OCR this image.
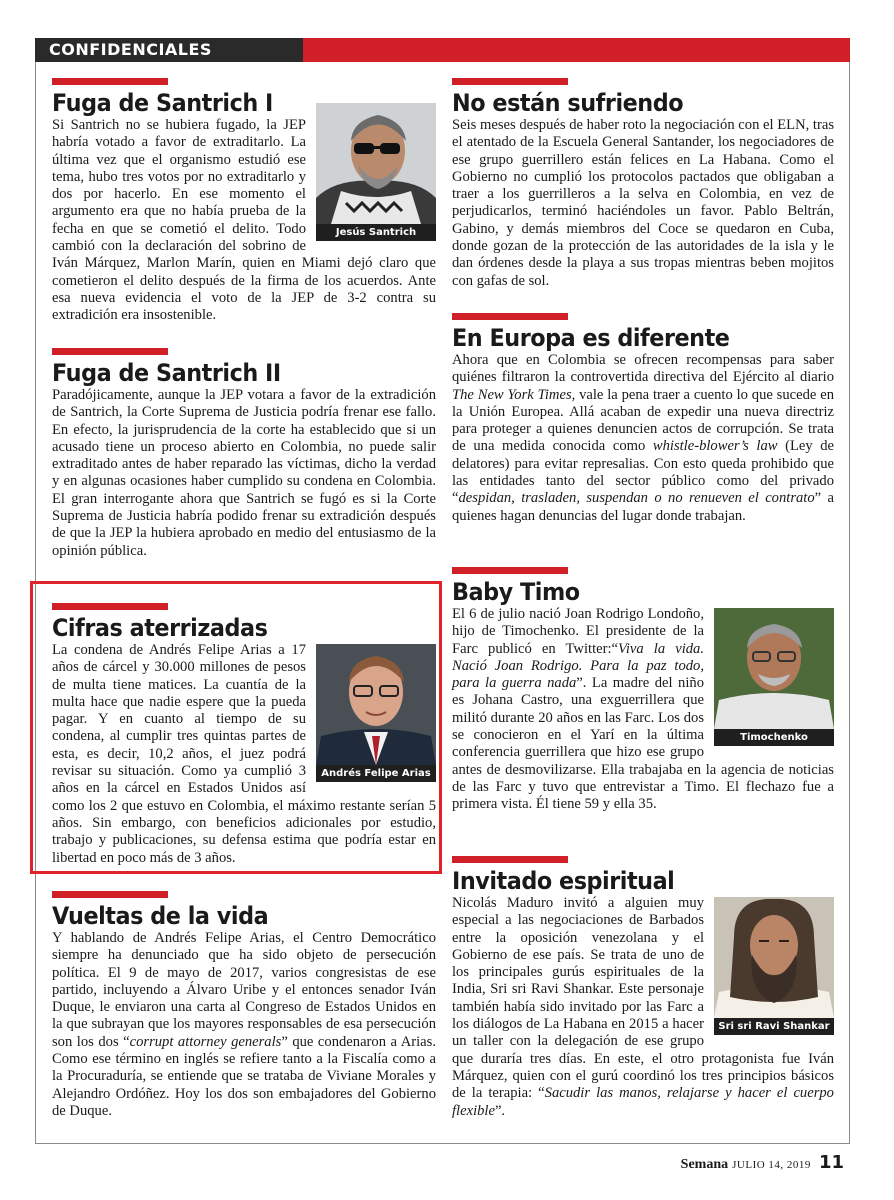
CONFIDENCIALES
Fuga de Santrich I
Jesús Santrich

Si Santrich no se hubiera fugado, la JEP habría votado a favor de extraditarlo. La última vez que el organismo estudió ese tema, hubo tres votos por no extraditarlo y dos por hacerlo. En ese momento el argumento era que no había prueba de la fecha en que se cometió el delito. Todo cambió con la declaración del sobrino de Iván Márquez, Marlon Marín, quien en Miami dejó claro que cometieron el delito después de la firma de los acuerdos. Ante esa nueva evidencia el voto de la JEP de 3-2 contra su extradición era insostenible.

Fuga de Santrich II

Paradójicamente, aunque la JEP votara a favor de la extradición de Santrich, la Corte Suprema de Justicia podría frenar ese fallo. En efecto, la jurisprudencia de la corte ha establecido que si un acusado tiene un proceso abierto en Colombia, no puede salir extraditado antes de haber reparado las víctimas, dicho la verdad y en algunas ocasiones haber cumplido su condena en Colombia. El gran interrogante ahora que Santrich se fugó es si la Corte Suprema de Justicia habría podido frenar su extradición después de que la JEP la hubiera aprobado en medio del entusiasmo de la opinión pública.

Cifras aterrizadas
Andrés Felipe Arias

La condena de Andrés Felipe Arias a 17 años de cárcel y 30.000 millones de pesos de multa tiene matices. La cuantía de la multa hace que nadie espere que la pueda pagar. Y en cuanto al tiempo de su condena, al cumplir tres quintas partes de esta, es decir, 10,2 años, el juez podrá revisar su situación. Como ya cumplió 3 años en la cárcel en Estados Unidos así como los 2 que estuvo en Colombia, el máximo restante serían 5 años. Sin embargo, con beneficios adicionales por estudio, trabajo y publicaciones, su defensa estima que podría estar en libertad en poco más de 3 años.

Vueltas de la vida

Y hablando de Andrés Felipe Arias, el Centro Democrático siempre ha denunciado que ha sido objeto de persecución política. El 9 de mayo de 2017, varios congresistas de ese partido, incluyendo a Álvaro Uribe y el entonces senador Iván Duque, le enviaron una carta al Congreso de Estados Unidos en la que subrayan que los mayores responsables de esa persecución son los dos “corrupt attorney generals” que condenaron a Arias. Como ese término en inglés se refiere tanto a la Fiscalía como a la Procuraduría, se entiende que se trataba de Viviane Morales y Alejandro Ordóñez. Hoy los dos son embajadores del Gobierno de Duque.

No están sufriendo

Seis meses después de haber roto la negociación con el ELN, tras el atentado de la Escuela General Santander, los negociadores de ese grupo guerrillero están felices en La Habana. Como el Gobierno no cumplió los protocolos pactados que obligaban a traer a los guerrilleros a la selva en Colombia, en vez de perjudicarlos, terminó haciéndoles un favor. Pablo Beltrán, Gabino, y demás miembros del Coce se quedaron en Cuba, donde gozan de la protección de las autoridades de la isla y le dan órdenes desde la playa a sus tropas mientras beben mojitos con gafas de sol.

En Europa es diferente

Ahora que en Colombia se ofrecen recompensas para saber quiénes filtraron la controvertida directiva del Ejército al diario The New York Times, vale la pena traer a cuento lo que sucede en la Unión Europea. Allá acaban de expedir una nueva directriz para proteger a quienes denuncien actos de corrupción. Se trata de una medida conocida como whistle-blower’s law (Ley de delatores) para evitar represalias. Con esto queda prohibido que las entidades tanto del sector público como del privado “despidan, trasladen, suspendan o no renueven el contrato” a quienes hagan denuncias del lugar donde trabajan.

Baby Timo
Timochenko

El 6 de julio nació Joan Rodrigo Londoño, hijo de Timochenko. El presidente de la Farc publicó en Twitter:“Viva la vida. Nació Joan Rodrigo. Para la paz todo, para la guerra nada”. La madre del niño es Johana Castro, una exguerrillera que militó durante 20 años en las Farc. Los dos se conocieron en el Yarí en la última conferencia guerrillera que hizo ese grupo antes de desmovilizarse. Ella trabajaba en la agencia de noticias de las Farc y tuvo que entrevistar a Timo. El flechazo fue a primera vista. Él tiene 59 y ella 35.

Invitado espiritual
Sri sri Ravi Shankar

Nicolás Maduro invitó a alguien muy especial a las negociaciones de Barbados entre la oposición venezolana y el Gobierno de ese país. Se trata de uno de los principales gurús espirituales de la India, Sri sri Ravi Shankar. Este personaje también había sido invitado por las Farc a los diálogos de La Habana en 2015 a hacer un taller con la delegación de ese grupo que duraría tres días. En este, el otro protagonista fue Iván Márquez, quien con el gurú coordinó los tres principios básicos de la terapia: “Sacudir las manos, relajarse y hacer el cuerpo flexible”.

Semana JULIO 14, 2019 11
